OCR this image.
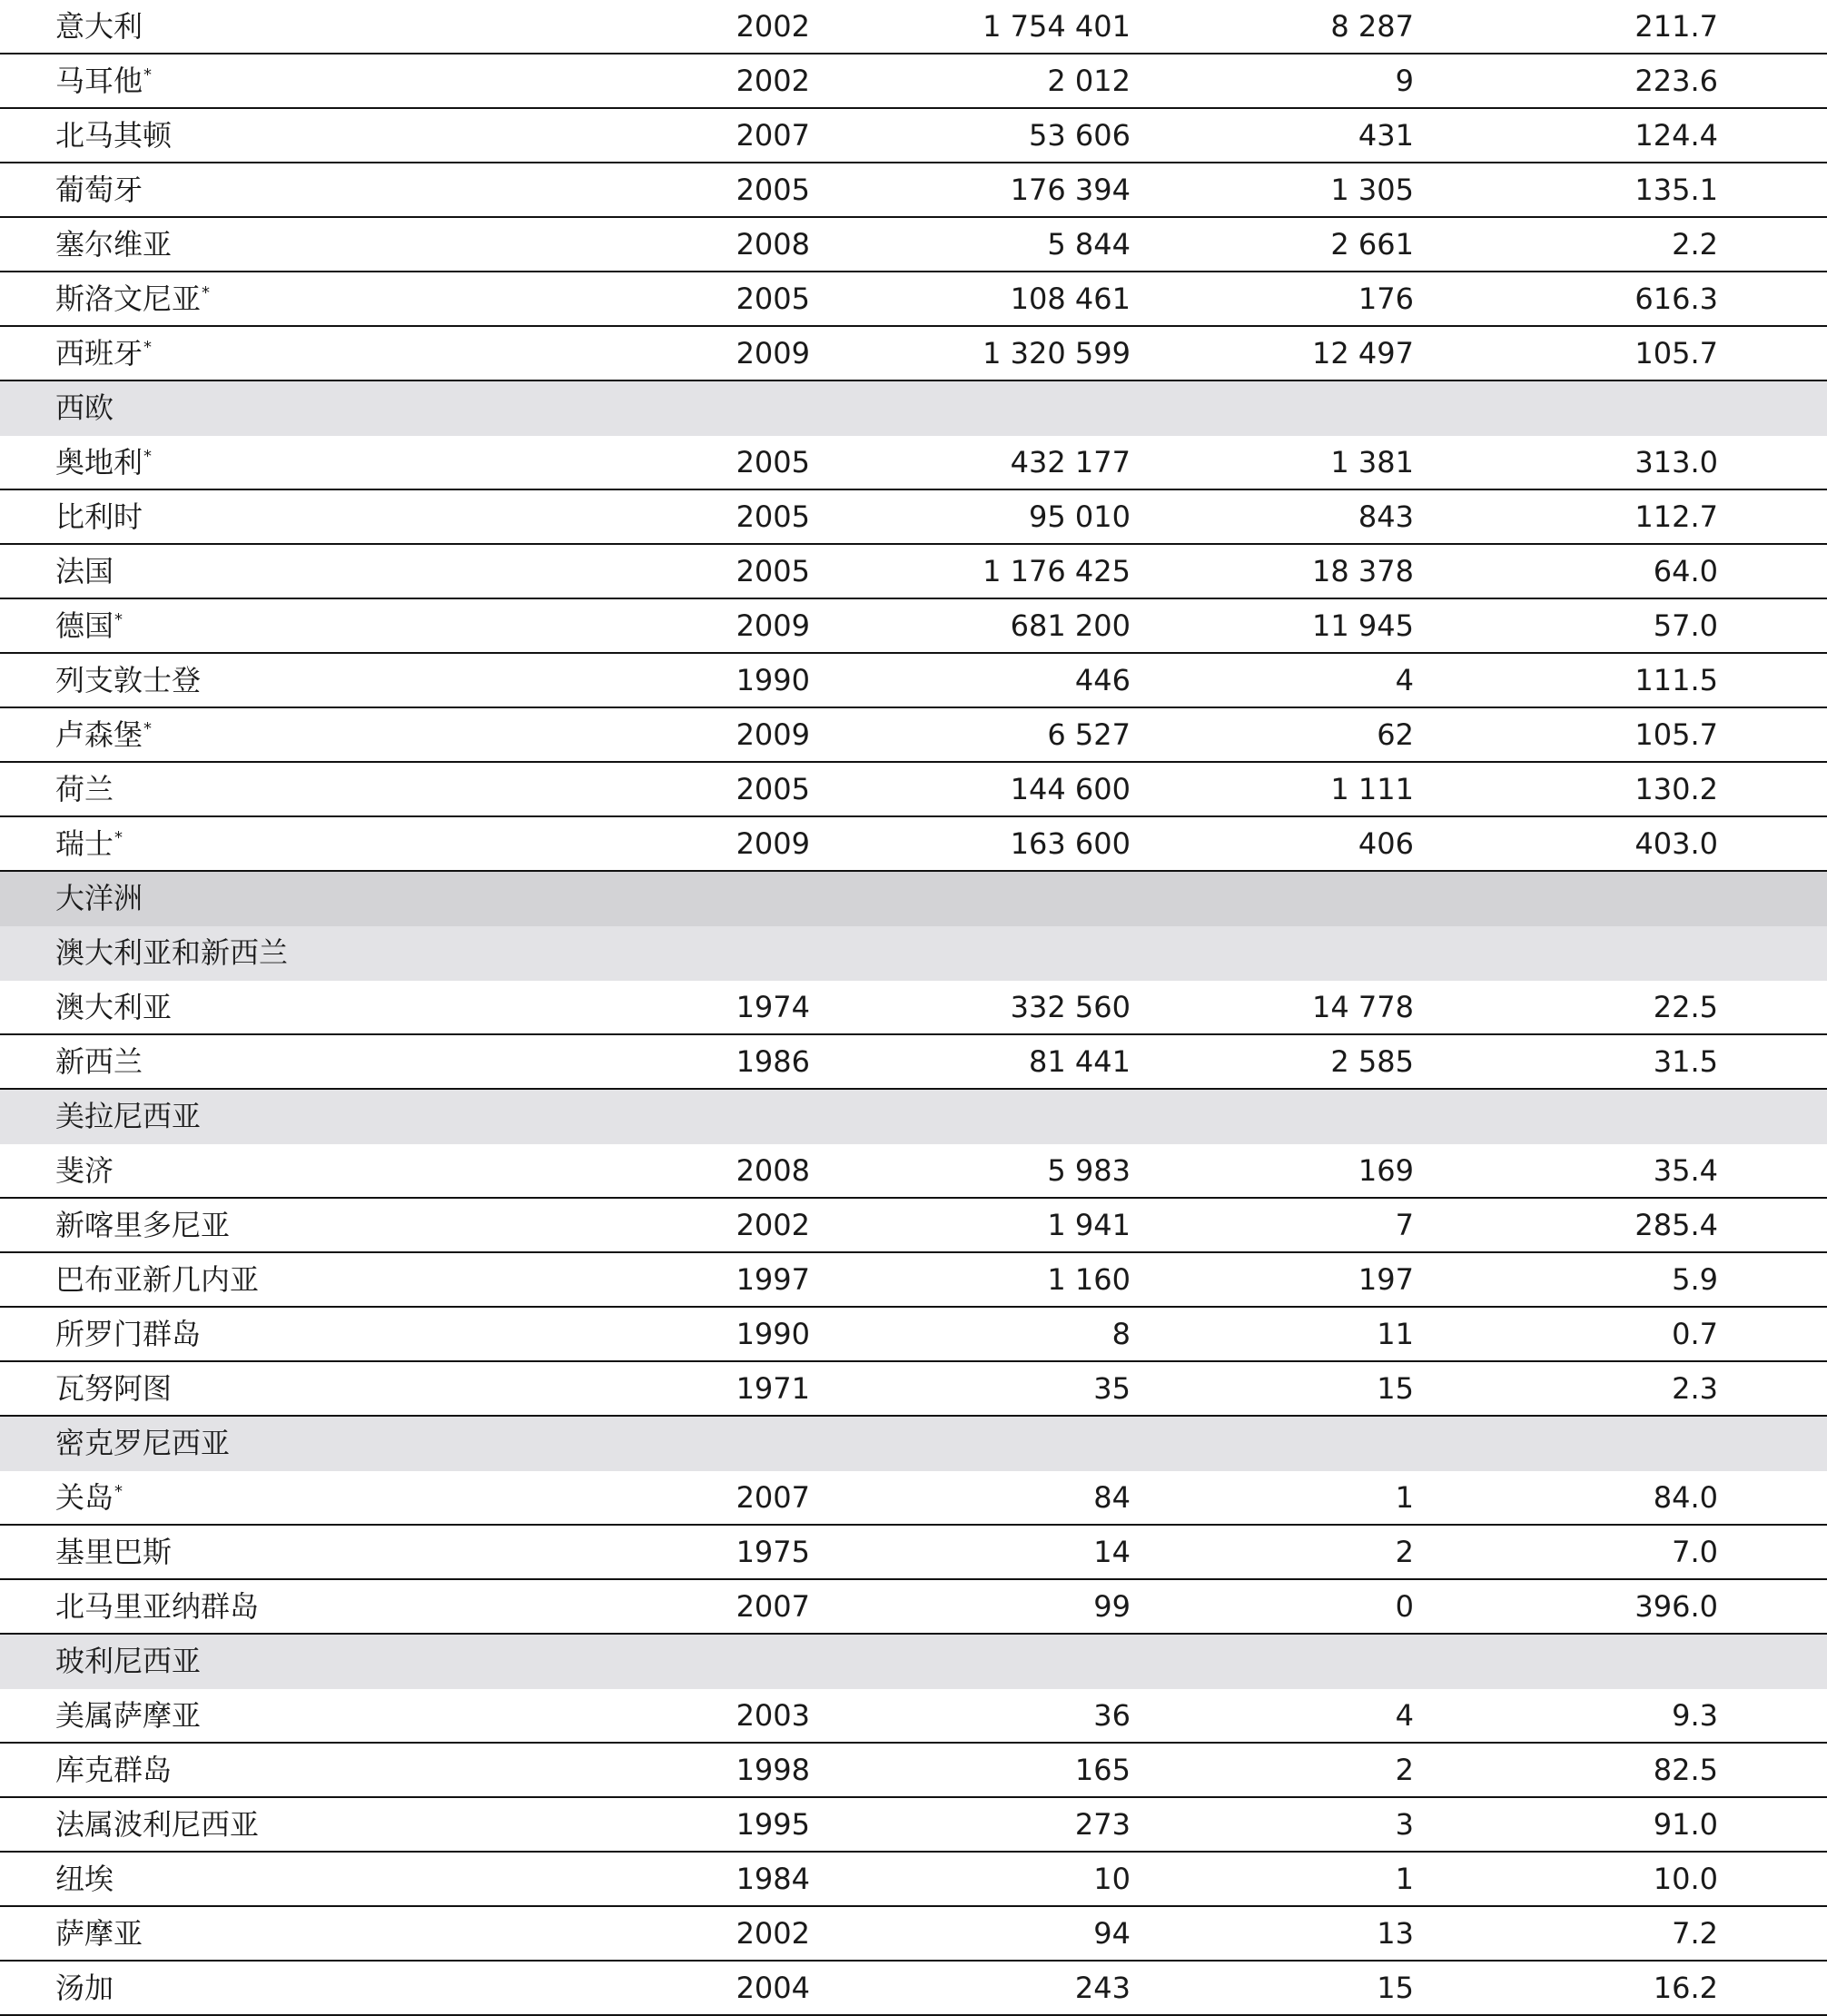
意大利	2002	1 754 401	8 287	211.7
马耳他*	2002	2 012	9	223.6
北马其顿	2007	53 606	431	124.4
葡萄牙	2005	176 394	1 305	135.1
塞尔维亚	2008	5 844	2 661	2.2
斯洛文尼亚*	2005	108 461	176	616.3
西班牙*	2009	1 320 599	12 497	105.7
西欧
奥地利*	2005	432 177	1 381	313.0
比利时	2005	95 010	843	112.7
法国	2005	1 176 425	18 378	64.0
德国*	2009	681 200	11 945	57.0
列支敦士登	1990	446	4	111.5
卢森堡*	2009	6 527	62	105.7
荷兰	2005	144 600	1 111	130.2
瑞士*	2009	163 600	406	403.0
大洋洲
澳大利亚和新西兰
澳大利亚	1974	332 560	14 778	22.5
新西兰	1986	81 441	2 585	31.5
美拉尼西亚
斐济	2008	5 983	169	35.4
新喀里多尼亚	2002	1 941	7	285.4
巴布亚新几内亚	1997	1 160	197	5.9
所罗门群岛	1990	8	11	0.7
瓦努阿图	1971	35	15	2.3
密克罗尼西亚
关岛*	2007	84	1	84.0
基里巴斯	1975	14	2	7.0
北马里亚纳群岛	2007	99	0	396.0
玻利尼西亚
美属萨摩亚	2003	36	4	9.3
库克群岛	1998	165	2	82.5
法属波利尼西亚	1995	273	3	91.0
纽埃	1984	10	1	10.0
萨摩亚	2002	94	13	7.2
汤加	2004	243	15	16.2
